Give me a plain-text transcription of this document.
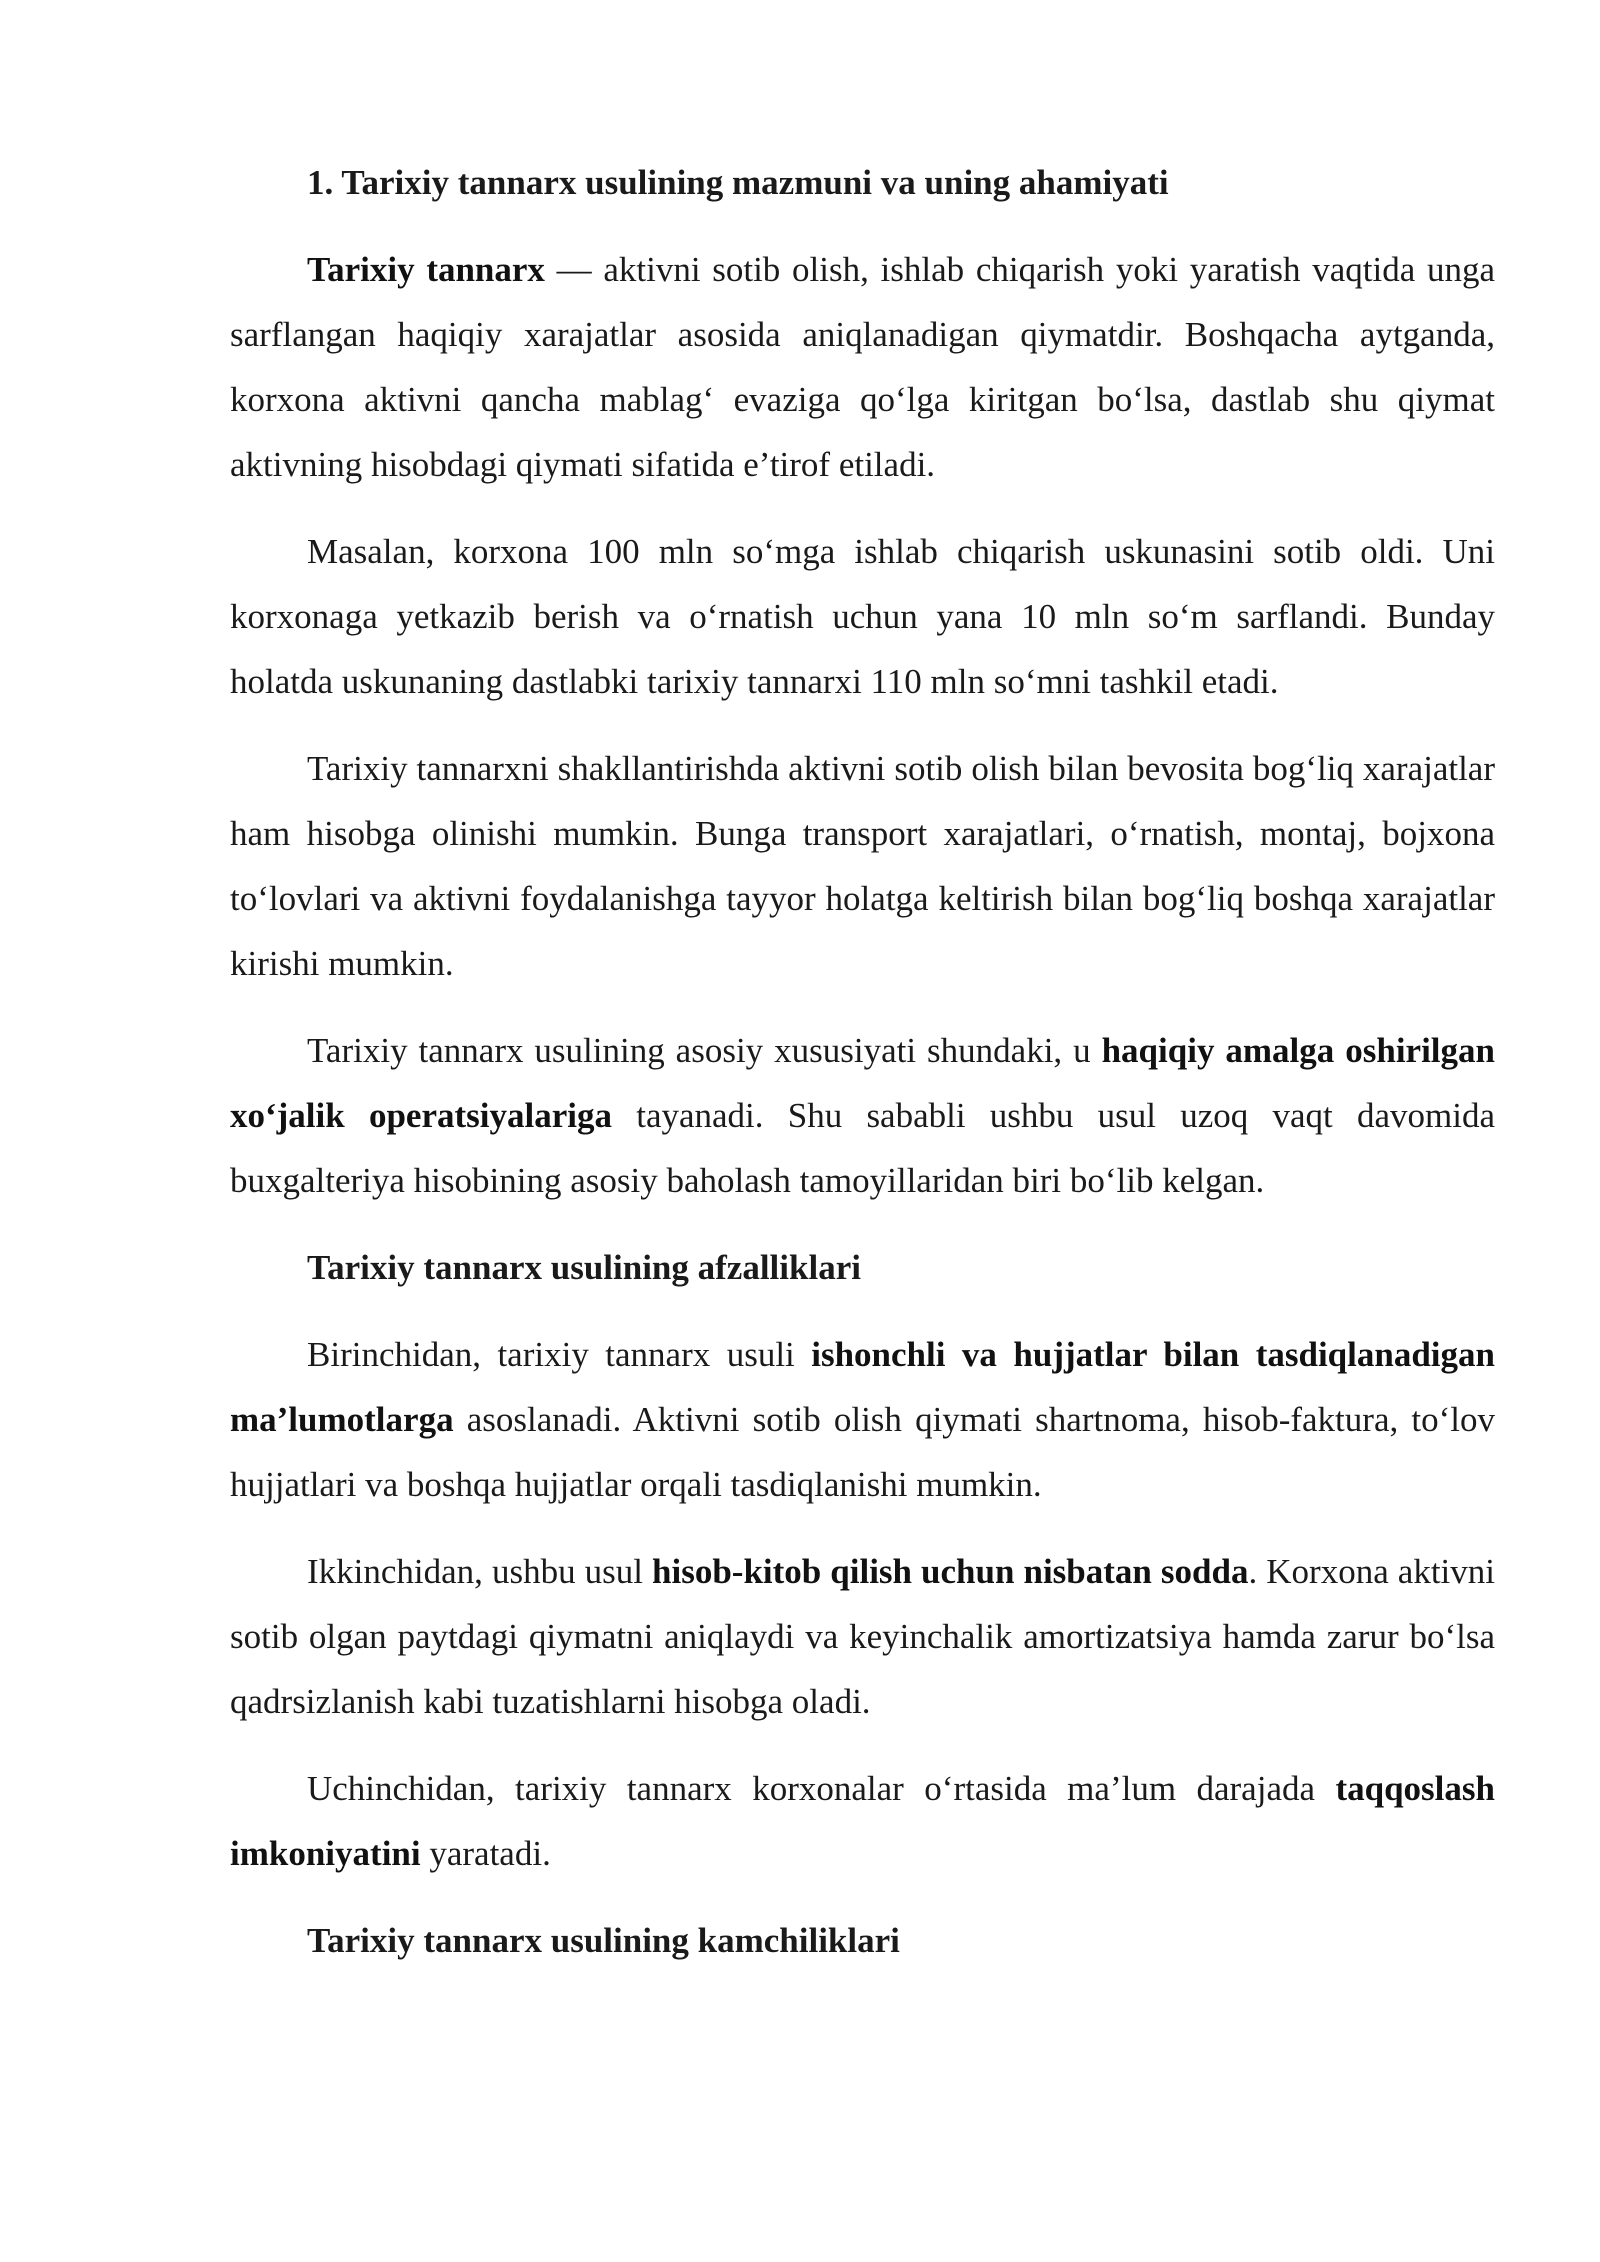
1. Tarixiy tannarx usulining mazmuni va uning ahamiyati

Tarixiy tannarx — aktivni sotib olish, ishlab chiqarish yoki yaratish vaqtida unga sarflangan haqiqiy xarajatlar asosida aniqlanadigan qiymatdir. Boshqacha aytganda, korxona aktivni qancha mablag‘ evaziga qo‘lga kiritgan bo‘lsa, dastlab shu qiymat aktivning hisobdagi qiymati sifatida e’tirof etiladi.

Masalan, korxona 100 mln so‘mga ishlab chiqarish uskunasini sotib oldi. Uni korxonaga yetkazib berish va o‘rnatish uchun yana 10 mln so‘m sarflandi. Bunday holatda uskunaning dastlabki tarixiy tannarxi 110 mln so‘mni tashkil etadi.

Tarixiy tannarxni shakllantirishda aktivni sotib olish bilan bevosita bog‘liq xarajatlar ham hisobga olinishi mumkin. Bunga transport xarajatlari, o‘rnatish, montaj, bojxona to‘lovlari va aktivni foydalanishga tayyor holatga keltirish bilan bog‘liq boshqa xarajatlar kirishi mumkin.

Tarixiy tannarx usulining asosiy xususiyati shundaki, u haqiqiy amalga oshirilgan xo‘jalik operatsiyalariga tayanadi. Shu sababli ushbu usul uzoq vaqt davomida buxgalteriya hisobining asosiy baholash tamoyillaridan biri bo‘lib kelgan.

Tarixiy tannarx usulining afzalliklari

Birinchidan, tarixiy tannarx usuli ishonchli va hujjatlar bilan tasdiqlanadigan ma’lumotlarga asoslanadi. Aktivni sotib olish qiymati shartnoma, hisob-faktura, to‘lov hujjatlari va boshqa hujjatlar orqali tasdiqlanishi mumkin.

Ikkinchidan, ushbu usul hisob-kitob qilish uchun nisbatan sodda. Korxona aktivni sotib olgan paytdagi qiymatni aniqlaydi va keyinchalik amortizatsiya hamda zarur bo‘lsa qadrsizlanish kabi tuzatishlarni hisobga oladi.

Uchinchidan, tarixiy tannarx korxonalar o‘rtasida ma’lum darajada taqqoslash imkoniyatini yaratadi.

Tarixiy tannarx usulining kamchiliklari
